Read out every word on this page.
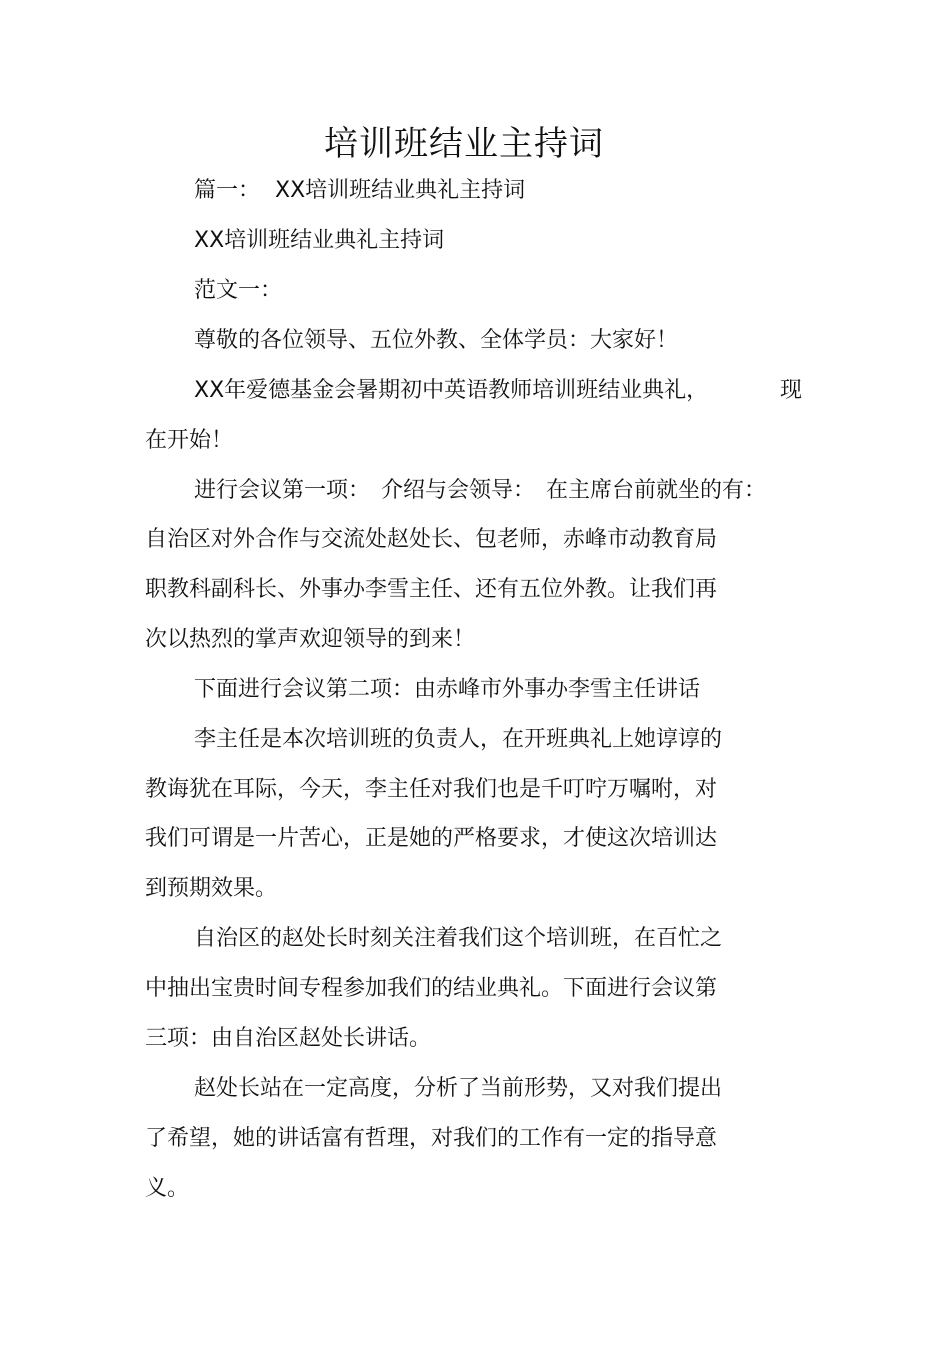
培训班结业主持词
篇一： XX培训班结业典礼主持词
XX培训班结业典礼主持词
范文一：
尊敬的各位领导、五位外教、全体学员：大家好！
XX年爱德基金会暑期初中英语教师培训班结业典礼，	现
在开始！
进行会议第一项：　介绍与会领导：　在主席台前就坐的有：
自治区对外合作与交流处赵处长、包老师，赤峰市动教育局
职教科副科长、外事办李雪主任、还有五位外教。让我们再
次以热烈的掌声欢迎领导的到来！
下面进行会议第二项：由赤峰市外事办李雪主任讲话
李主任是本次培训班的负责人，在开班典礼上她谆谆的
教诲犹在耳际，今天，李主任对我们也是千叮咛万嘱咐，对
我们可谓是一片苦心，正是她的严格要求，才使这次培训达
到预期效果。
自治区的赵处长时刻关注着我们这个培训班，在百忙之
中抽出宝贵时间专程参加我们的结业典礼。下面进行会议第
三项：由自治区赵处长讲话。
赵处长站在一定高度，分析了当前形势，又对我们提出
了希望，她的讲话富有哲理，对我们的工作有一定的指导意
义。
